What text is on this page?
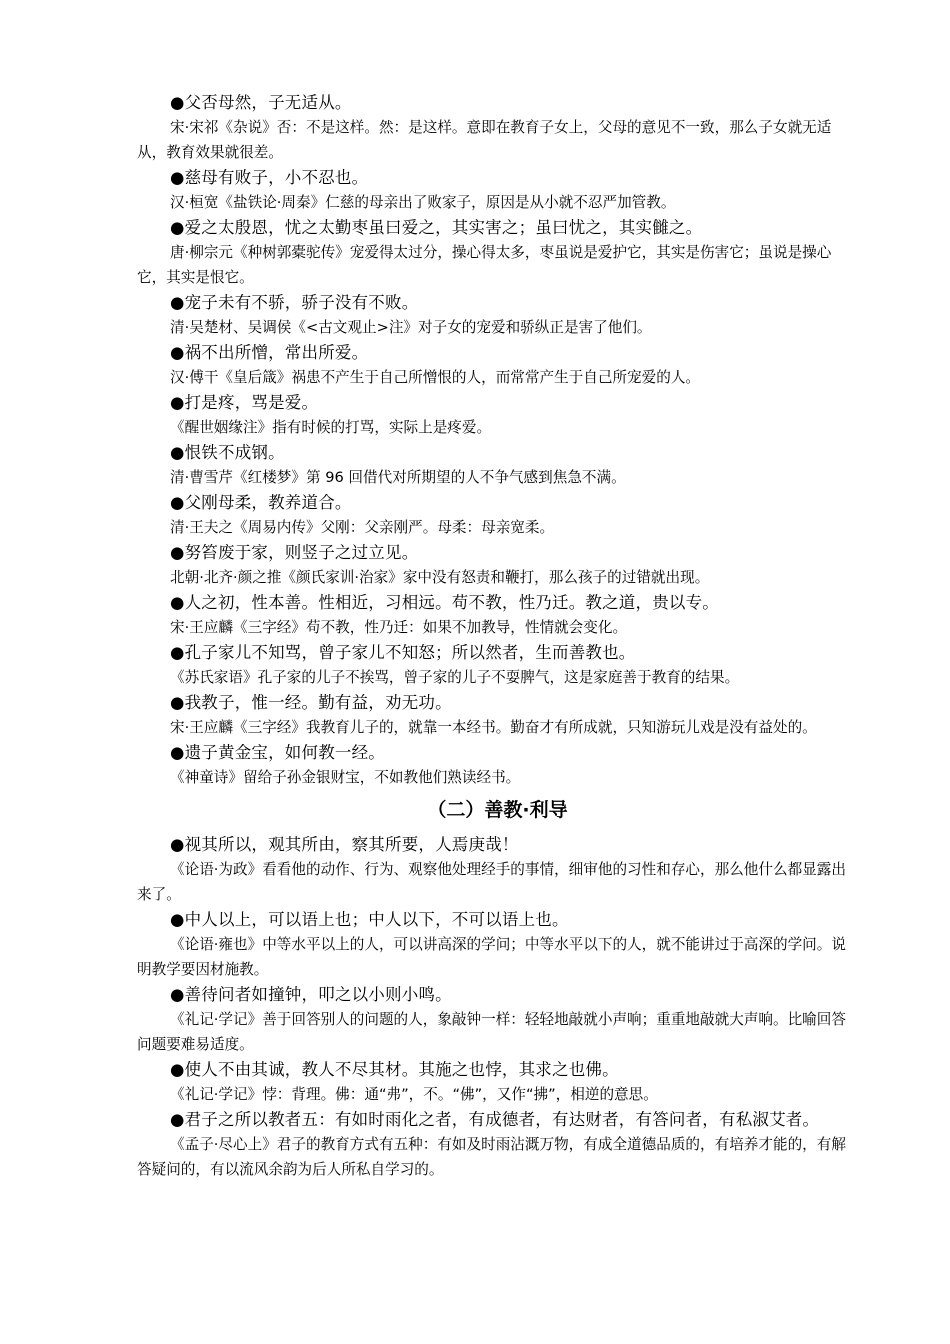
●父否母然，子无适从。

宋·宋祁《杂说》否：不是这样。然：是这样。意即在教育子女上，父母的意见不一致，那么子女就无适从，教育效果就很差。

●慈母有败子，小不忍也。

汉·桓宽《盐铁论·周秦》仁慈的母亲出了败家子，原因是从小就不忍严加管教。

●爱之太殷恩，忧之太勤枣虽曰爱之，其实害之；虽曰忧之，其实雠之。

唐·柳宗元《种树郭橐驼传》宠爱得太过分，操心得太多，枣虽说是爱护它，其实是伤害它；虽说是操心它，其实是恨它。

●宠子未有不骄，骄子没有不败。

清·吴楚材、吴调侯《<古文观止>注》对子女的宠爱和骄纵正是害了他们。

●祸不出所憎，常出所爱。

汉·傅干《皇后箴》祸患不产生于自己所憎恨的人，而常常产生于自己所宠爱的人。

●打是疼，骂是爱。

《醒世姻缘注》指有时候的打骂，实际上是疼爱。

●恨铁不成钢。

清·曹雪芹《红楼梦》第 96 回借代对所期望的人不争气感到焦急不满。

●父刚母柔，教养道合。

清·王夫之《周易内传》父刚：父亲刚严。母柔：母亲宽柔。

●努笞废于家，则竖子之过立见。

北朝·北齐·颜之推《颜氏家训·治家》家中没有怒责和鞭打，那么孩子的过错就出现。

●人之初，性本善。性相近，习相远。苟不教，性乃迁。教之道，贵以专。

宋·王应麟《三字经》苟不教，性乃迁：如果不加教导，性情就会变化。

●孔子家儿不知骂，曾子家儿不知怒；所以然者，生而善教也。

《苏氏家语》孔子家的儿子不挨骂，曾子家的儿子不耍脾气，这是家庭善于教育的结果。

●我教子，惟一经。勤有益，劝无功。

宋·王应麟《三字经》我教育儿子的，就靠一本经书。勤奋才有所成就，只知游玩儿戏是没有益处的。

●遗子黄金宝，如何教一经。

《神童诗》留给子孙金银财宝，不如教他们熟读经书。

（二）善教·利导

●视其所以，观其所由，察其所要，人焉庚哉！

《论语·为政》看看他的动作、行为、观察他处理经手的事情，细审他的习性和存心，那么他什么都显露出来了。

●中人以上，可以语上也；中人以下，不可以语上也。

《论语·雍也》中等水平以上的人，可以讲高深的学问；中等水平以下的人，就不能讲过于高深的学问。说明教学要因材施教。

●善待问者如撞钟，叩之以小则小鸣。

《礼记·学记》善于回答别人的问题的人，象敲钟一样：轻轻地敲就小声响；重重地敲就大声响。比喻回答问题要难易适度。

●使人不由其诚，教人不尽其材。其施之也悖，其求之也佛。

《礼记·学记》悖：背理。佛：通“弗”，不。“佛”，又作“拂”，相逆的意思。

●君子之所以教者五：有如时雨化之者，有成德者，有达财者，有答问者，有私淑艾者。

《孟子·尽心上》君子的教育方式有五种：有如及时雨沾溉万物，有成全道德品质的，有培养才能的，有解答疑问的，有以流风余韵为后人所私自学习的。
